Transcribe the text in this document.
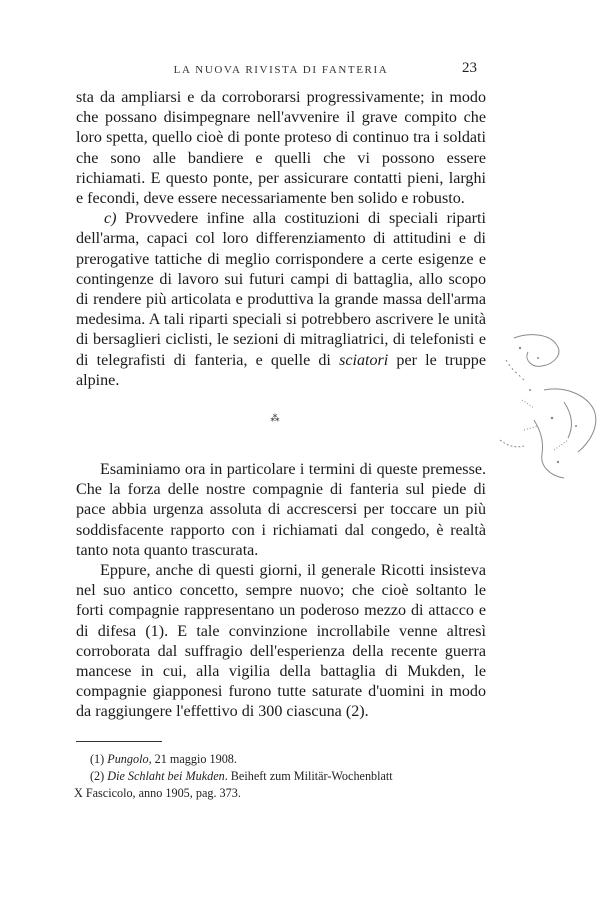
LA NUOVA RIVISTA DI FANTERIA	23

sta da ampliarsi e da corroborarsi progressivamente; in modo che possano disimpegnare nell'avvenire il grave compito che loro spetta, quello cioè di ponte proteso di continuo tra i soldati che sono alle bandiere e quelli che vi possono essere richiamati. E questo ponte, per assicurare contatti pieni, larghi e fecondi, deve essere necessariamente ben solido e robusto.

c) Provvedere infine alla costituzioni di speciali riparti dell'arma, capaci col loro differenziamento di attitudini e di prerogative tattiche di meglio corrispondere a certe esigenze e contingenze di lavoro sui futuri campi di battaglia, allo scopo di rendere più articolata e produttiva la grande massa dell'arma medesima. A tali riparti speciali si potrebbero ascrivere le unità di bersaglieri ciclisti, le sezioni di mitragliatrici, di telefonisti e di telegrafisti di fanteria, e quelle di sciatori per le truppe alpine.

⁂

Esaminiamo ora in particolare i termini di queste premesse. Che la forza delle nostre compagnie di fanteria sul piede di pace abbia urgenza assoluta di accrescersi per toccare un più soddisfacente rapporto con i richiamati dal congedo, è realtà tanto nota quanto trascurata.

Eppure, anche di questi giorni, il generale Ricotti insisteva nel suo antico concetto, sempre nuovo; che cioè soltanto le forti compagnie rappresentano un poderoso mezzo di attacco e di difesa (1). E tale convinzione incrollabile venne altresì corroborata dal suffragio dell'esperienza della recente guerra mancese in cui, alla vigilia della battaglia di Mukden, le compagnie giapponesi furono tutte saturate d'uomini in modo da raggiungere l'effettivo di 300 ciascuna (2).

(1) Pungolo, 21 maggio 1908.

(2) Die Schlaht bei Mukden. Beiheft zum Militär-Wochenblatt

X Fascicolo, anno 1905, pag. 373.
